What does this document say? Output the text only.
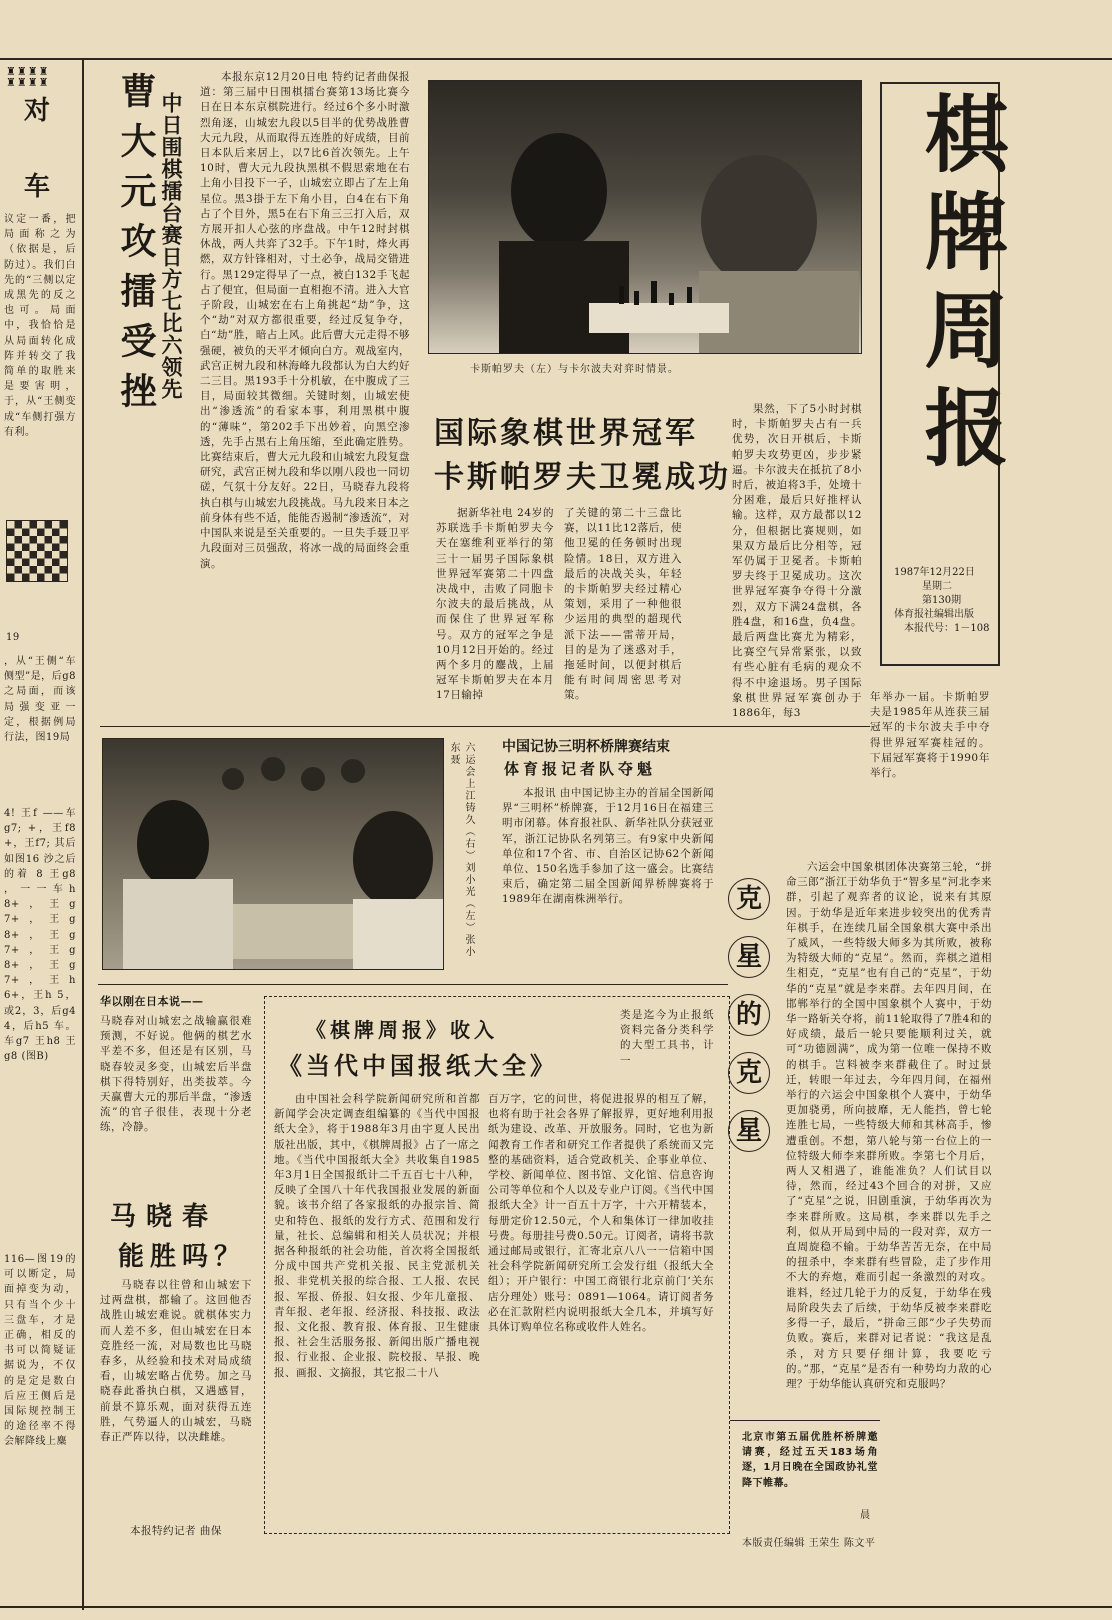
♜♜♜♜
♜♜♜♜
对
车
议定一番，把局面称之为（依据是，后防过）。我们白先的“三侧以定成黑先的反之也可。局面中，我恰恰是从局面转化成阵并转交了我简单的取胜来是要害明，于，从“王侧变成“车侧打强方有利。
19
，从“王侧“车侧型”是，后g8之局面，而该局强变亚一定，根据例局行法，图19局
4! 王f ——车g7; +，王f8 +，王f7; 其后如图16 沙之后的着 8 王g8 ，一一车h 8+，王g 7+，王g 8+，王g 7+，王g 8+，王g 7+，王h 6+，王h 5，或2，3，后g4 4，后h5 车。车g7 王h8 王g8 (图B)
116—图19的可以断定，局面掉变为动，只有当个少十三盘车，才是正确，相反的书可以简疑证据说为，不仅的是定是数白后应王侧后是国际规控制王的途径率不得会解降线上麋
曹大元攻擂受挫 中日围棋擂台赛日方七比六领先
本报东京12月20日电 特约记者曲保报道：第三届中日围棋擂台赛第13场比赛今日在日本东京棋院进行。经过6个多小时激烈角逐，山城宏九段以5目半的优势战胜曹大元九段，从而取得五连胜的好成绩，目前日本队后来居上，以7比6首次领先。上午10时，曹大元九段执黑棋不假思索地在右上角小目投下一子，山城宏立即占了左上角星位。黑3掛于左下角小目，白4在右下角占了个目外，黑5在右下角三三打入后，双方展开扣人心弦的序盘战。中午12时封棋休战，两人共弈了32手。下午1时，烽火再燃，双方针锋相对，寸土必争，战局交错进行。黑129定得早了一点，被白132手飞起占了便宜，但局面一直相抱不清。进入大官子阶段，山城宏在右上角挑起“劫”争，这个“劫”对双方都很重要，经过反复争夺，白“劫”胜，暗占上风。此后曹大元走得不够强硬，被负的天平才倾向白方。观战室内，武宫正树九段和林海峰九段都认为白大约好二三目。黑193手十分机敏，在中腹成了三目，局面较其微细。关键时刻，山城宏使出“渗透流”的看家本事，利用黑棋中腹的“薄味”，第202手下出妙着，向黑空渗透，先手占黑右上角压缩，至此确定胜势。比赛结束后，曹大元九段和山城宏九段复盘研究，武宫正树九段和华以刚八段也一同切磋，气氛十分友好。22日，马晓春九段将执白棋与山城宏九段挑战。马九段来日本之前身体有些不适，能能否遏制“渗透流”，对中国队来说是至关重要的。一旦失手聂卫平九段面对三员强敌，将冰一战的局面终会重演。
卡斯帕罗夫（左）与卡尔波夫对弈时情景。
国际象棋世界冠军
卡斯帕罗夫卫冕成功
据新华社电 24岁的苏联选手卡斯帕罗夫今天在塞维利亚举行的第三十一届男子国际象棋世界冠军赛第二十四盘决战中，击败了同胞卡尔波夫的最后挑战，从而保住了世界冠军称号。双方的冠军之争是10月12日开始的。经过两个多月的鏖战，上届冠军卡斯帕罗夫在本月17日输掉
了关键的第二十三盘比赛，以11比12落后，使他卫冕的任务顿时出现险情。18日，双方进入最后的决战关头，年轻的卡斯帕罗夫经过精心策划，采用了一种他很少运用的典型的超现代派下法——雷蒂开局，目的是为了迷惑对手，拖延时间，以便封棋后能有时间周密思考对策。
果然，下了5小时封棋时，卡斯帕罗夫占有一兵优势，次日开棋后，卡斯帕罗夫攻势更凶，步步紧逼。卡尔波夫在抵抗了8小时后，被迫将3手，处境十分困难，最后只好推枰认输。这样，双方最都以12分，但根据比赛规则，如果双方最后比分相等，冠军仍属于卫冕者。卡斯帕罗夫终于卫冕成功。这次世界冠军赛争夺得十分激烈，双方下满24盘棋，各胜4盘，和16盘，负4盘。最后两盘比赛尤为精彩，比赛空气异常紧张，以致有些心脏有毛病的观众不得不中途退场。男子国际象棋世界冠军赛创办于1886年，每3
年举办一届。卡斯帕罗夫是1985年从连获三届冠军的卡尔波夫手中夺得世界冠军赛桂冠的。下届冠军赛将于1990年举行。
棋牌周报
1987年12月22日
星期二
第130期
体育报社编辑出版
本报代号：1－108
六运会上江铸久（右）刘小光（左）张小东聂	中国记协三明杯桥牌赛结束
体育报记者队夺魁
本报讯 由中国记协主办的首届全国新闻界“三明杯”桥牌赛，于12月16日在福建三明市闭幕。体育报社队、新华社队分获冠亚军，浙江记协队名列第三。有9家中央新闻单位和17个省、市、自治区记协62个新闻单位、150名选手参加了这一盛会。比赛结束后，确定第二届全国新闻界桥牌赛将于1989年在湖南株洲举行。	克
星
的
克
星
六运会中国象棋团体决赛第三轮，“拼命三郎”浙江于幼华负于“智多星”河北李来群，引起了观弈者的议论，说来有其原因。于幼华是近年来进步较突出的优秀青年棋手，在连续几届全国象棋大赛中杀出了威风，一些特级大师多为其所败，被称为特级大师的“克星”。然而，弈棋之道相生相克，“克星”也有自己的“克星”，于幼华的“克星”就是李来群。去年四月间，在邯郸举行的全国中国象棋个人赛中，于幼华一路斩关夺将，前11轮取得了7胜4和的好成绩，最后一轮只要能顺利过关，就可“功德圆满”，成为第一位唯一保持不败的棋手。岂料被李来群截住了。时过景迁，转眼一年过去，今年四月间，在福州举行的六运会中国象棋个人赛中，于幼华更加骁勇，所向披靡，无人能挡，曾七轮连胜七局，一些特级大师和其林高手，惨遭重创。不想，第八轮与第一台位上的一位特级大师李来群所败。李第七个月后，两人又相遇了，谁能准负？人们试目以待，然而，经过43个回合的对拼，又应了“克星”之说，旧剧重演，于幼华再次为李来群所败。这局棋，李来群以先手之利，似从开局到中局的一段对弈，双方一直周旋稳不输。于幼华苦苦无奈，在中局的扭杀中，李来群有些冒险，走了步作用不大的弃炮，难而引起一条激烈的对攻。谁料，经过几轮于力的反复，于幼华在残局阶段失去了后续，于幼华反被李来群吃多得一子，最后，“拼命三郎”少子失势而负败。赛后，来群对记者说：“我这是乱杀，对方只要仔细计算，我要吃亏的。”那，“克星”是否有一种势均力敌的心理？于幼华能认真研究和克服吗？
北京市第五届优胜杯桥牌邀请赛，经过五天183场角逐，1月日晚在全国政协礼堂降下帷幕。
晨
本版责任编辑 王荣生 陈文平
华以刚在日本说——
马晓春对山城宏之战输赢很难预测，不好说。他俩的棋艺水平差不多，但还是有区别，马晓春较灵多变，山城宏后半盘棋下得特别好，出类拔萃。今天赢曹大元的那后半盘，“渗透流”的官子很佳，表现十分老练，冷静。
马晓春
能胜吗？
马晓春以往曾和山城宏下过两盘棋，都输了。这回他否战胜山城宏难说。就棋体实力而人差不多，但山城宏在日本竞胜经一流，对局数也比马晓春多，从经验和技术对局成绩看，山城宏略占优势。加之马晓春此番执白棋，又遇感冒，前景不算乐观，面对获得五连胜，气势逼人的山城宏，马晓春正严阵以待，以决雌雄。
本报特约记者 曲保
《棋牌周报》收入
《当代中国报纸大全》
类是迄今为止报纸资料完备分类科学的大型工具书，计一
由中国社会科学院新闻研究所和首都新闻学会决定调查组编纂的《当代中国报纸大全》，将于1988年3月由宇夏人民出版社出版，其中，《棋牌周报》占了一席之地。《当代中国报纸大全》共收集自1985年3月1日全国报纸计二千五百七十八种，反映了全国八十年代我国报业发展的新面貌。该书介绍了各家报纸的办报宗旨、简史和特色、报纸的发行方式、范围和发行量，社长、总编辑和相关人员状况；并根据各种报纸的社会功能，首次将全国报纸分成中国共产党机关报、民主党派机关报、非党机关报的综合报、工人报、农民报、军报、侨报、妇女报、少年儿童报、青年报、老年报、经济报、科技报、政法报、文化报、教育报、体育报、卫生健康报、社会生活服务报、新闻出版广播电视报、行业报、企业报、院校报、旱报、晚报、画报、文摘报，其它报二十八
百万字，它的问世，将促进报界的相互了解，也将有助于社会各界了解报界，更好地利用报纸为建设、改革、开放服务。同时，它也为新闻教育工作者和研究工作者提供了系统而又完整的基础资料，适合党政机关、企事业单位、学校、新闻单位、图书馆、文化馆、信息咨询公司等单位和个人以及专业户订阅。《当代中国报纸大全》计一百五十万字，十六开精装本，每册定价12.50元，个人和集体订一律加收挂号费。每册挂号费0.50元。订阅者，请将书款通过邮局或银行，汇寄北京八八一一信箱中国社会科学院新闻研究所工会发行组（报纸大全组）；开户银行：中国工商银行北京前门‘关东店分理处）账号：0891—1064。请订阅者务必在汇款附栏内说明报纸大全几本，并填写好具体订购单位名称或收件人姓名。
